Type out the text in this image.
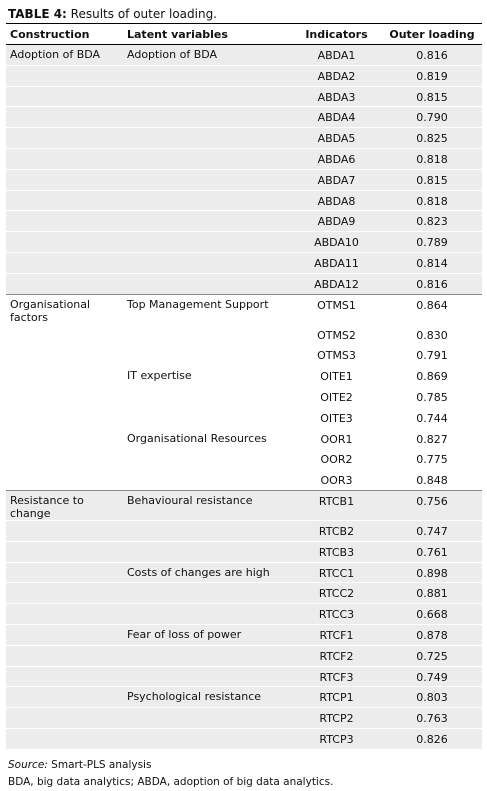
TABLE 4: Results of outer loading.
Construction	Latent variables	Indicators	Outer loading
Adoption of BDA	Adoption of BDA	ABDA1	0.816
		ABDA2	0.819
		ABDA3	0.815
		ABDA4	0.790
		ABDA5	0.825
		ABDA6	0.818
		ABDA7	0.815
		ABDA8	0.818
		ABDA9	0.823
		ABDA10	0.789
		ABDA11	0.814
		ABDA12	0.816
Organisational factors	Top Management Support	OTMS1	0.864
		OTMS2	0.830
		OTMS3	0.791
	IT expertise	OITE1	0.869
		OITE2	0.785
		OITE3	0.744
	Organisational Resources	OOR1	0.827
		OOR2	0.775
		OOR3	0.848
Resistance to change	Behavioural resistance	RTCB1	0.756
		RTCB2	0.747
		RTCB3	0.761
	Costs of changes are high	RTCC1	0.898
		RTCC2	0.881
		RTCC3	0.668
	Fear of loss of power	RTCF1	0.878
		RTCF2	0.725
		RTCF3	0.749
	Psychological resistance	RTCP1	0.803
		RTCP2	0.763
		RTCP3	0.826
Source: Smart-PLS analysis
BDA, big data analytics; ABDA, adoption of big data analytics.
